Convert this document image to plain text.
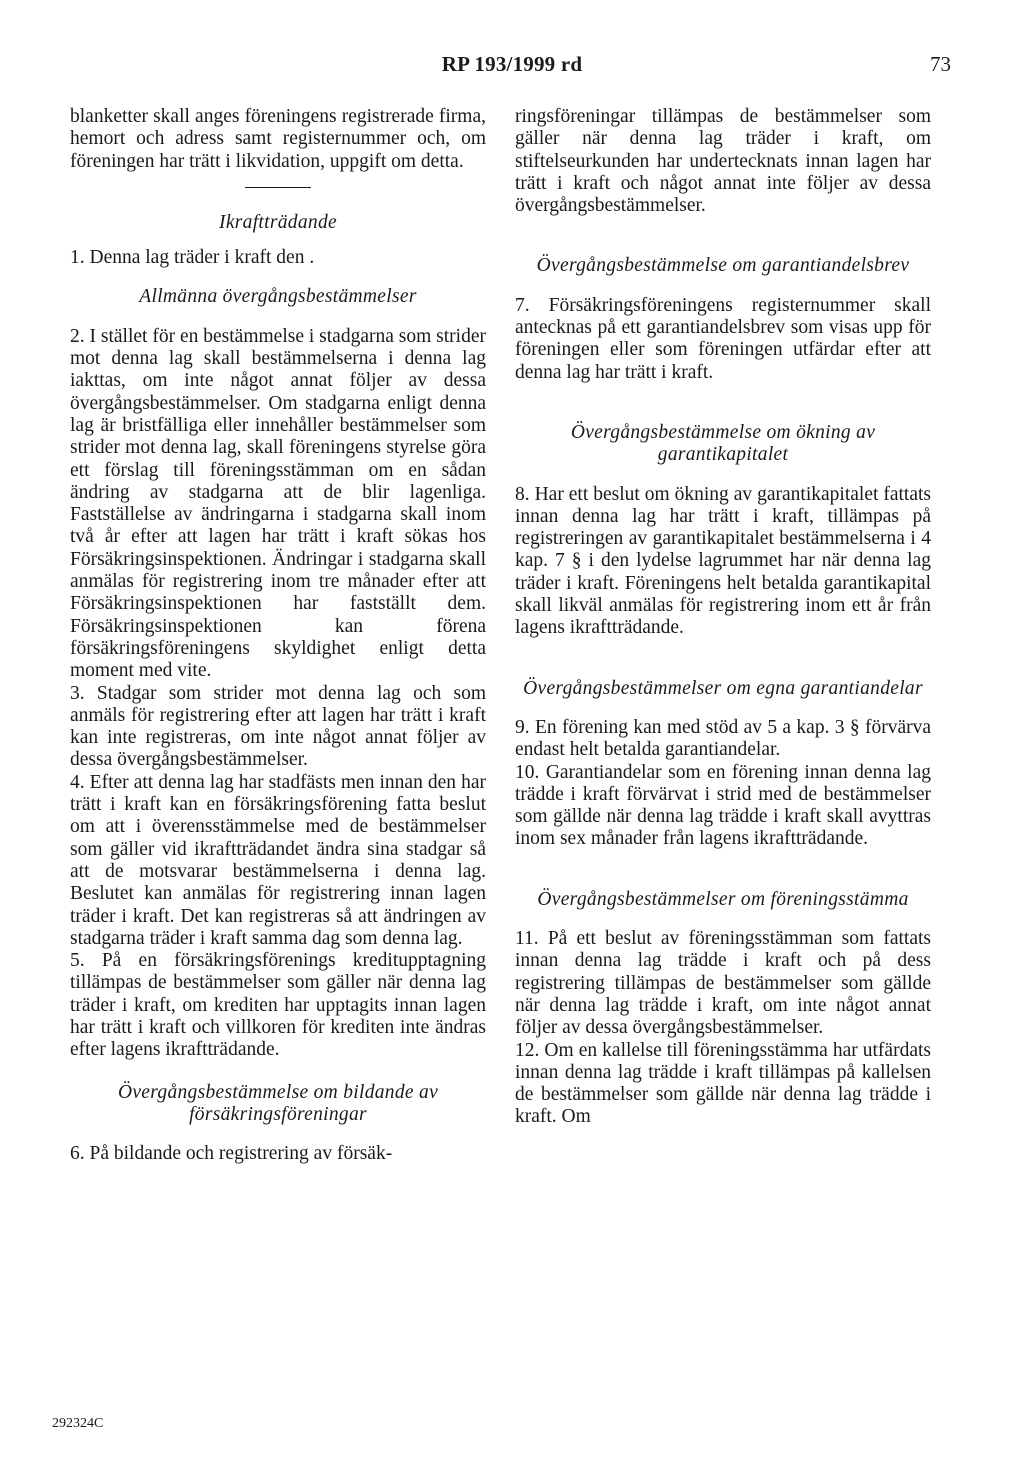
RP 193/1999 rd	73

blanketter skall anges föreningens registrerade firma, hemort och adress samt registernummer och, om föreningen har trätt i likvidation, uppgift om detta.

Ikraftträdande

1. Denna lag träder i kraft den .

Allmänna övergångsbestämmelser

2. I stället för en bestämmelse i stadgarna som strider mot denna lag skall bestämmelserna i denna lag iakttas, om inte något annat följer av dessa övergångsbestämmelser. Om stadgarna enligt denna lag är bristfälliga eller innehåller bestämmelser som strider mot denna lag, skall föreningens styrelse göra ett förslag till föreningsstämman om en sådan ändring av stadgarna att de blir lagenliga. Fastställelse av ändringarna i stadgarna skall inom två år efter att lagen har trätt i kraft sökas hos Försäkringsinspektionen. Ändringar i stadgarna skall anmälas för registrering inom tre månader efter att Försäkringsinspektionen har fastställt dem. Försäkringsinspektionen kan förena försäkringsföreningens skyldighet enligt detta moment med vite.

3. Stadgar som strider mot denna lag och som anmäls för registrering efter att lagen har trätt i kraft kan inte registreras, om inte något annat följer av dessa övergångsbestämmelser.

4. Efter att denna lag har stadfästs men innan den har trätt i kraft kan en försäkringsförening fatta beslut om att i överensstämmelse med de bestämmelser som gäller vid ikraftträdandet ändra sina stadgar så att de motsvarar bestämmelserna i denna lag. Beslutet kan anmälas för registrering innan lagen träder i kraft. Det kan registreras så att ändringen av stadgarna träder i kraft samma dag som denna lag.

5. På en försäkringsförenings kreditupptagning tillämpas de bestämmelser som gäller när denna lag träder i kraft, om krediten har upptagits innan lagen har trätt i kraft och villkoren för krediten inte ändras efter lagens ikraftträdande.

Övergångsbestämmelse om bildande av försäkringsföreningar

6. På bildande och registrering av försäk-

ringsföreningar tillämpas de bestämmelser som gäller när denna lag träder i kraft, om stiftelseurkunden har undertecknats innan lagen har trätt i kraft och något annat inte följer av dessa övergångsbestämmelser.

Övergångsbestämmelse om garantiandelsbrev

7. Försäkringsföreningens registernummer skall antecknas på ett garantiandelsbrev som visas upp för föreningen eller som föreningen utfärdar efter att denna lag har trätt i kraft.

Övergångsbestämmelse om ökning av garantikapitalet

8. Har ett beslut om ökning av garantikapitalet fattats innan denna lag har trätt i kraft, tillämpas på registreringen av garantikapitalet bestämmelserna i 4 kap. 7 § i den lydelse lagrummet har när denna lag träder i kraft. Föreningens helt betalda garantikapital skall likväl anmälas för registrering inom ett år från lagens ikraftträdande.

Övergångsbestämmelser om egna garantiandelar

9. En förening kan med stöd av 5 a kap. 3 § förvärva endast helt betalda garantiandelar.

10. Garantiandelar som en förening innan denna lag trädde i kraft förvärvat i strid med de bestämmelser som gällde när denna lag trädde i kraft skall avyttras inom sex månader från lagens ikraftträdande.

Övergångsbestämmelser om föreningsstämma

11. På ett beslut av föreningsstämman som fattats innan denna lag trädde i kraft och på dess registrering tillämpas de bestämmelser som gällde när denna lag trädde i kraft, om inte något annat följer av dessa övergångsbestämmelser.

12. Om en kallelse till föreningsstämma har utfärdats innan denna lag trädde i kraft tillämpas på kallelsen de bestämmelser som gällde när denna lag trädde i kraft. Om

292324C
